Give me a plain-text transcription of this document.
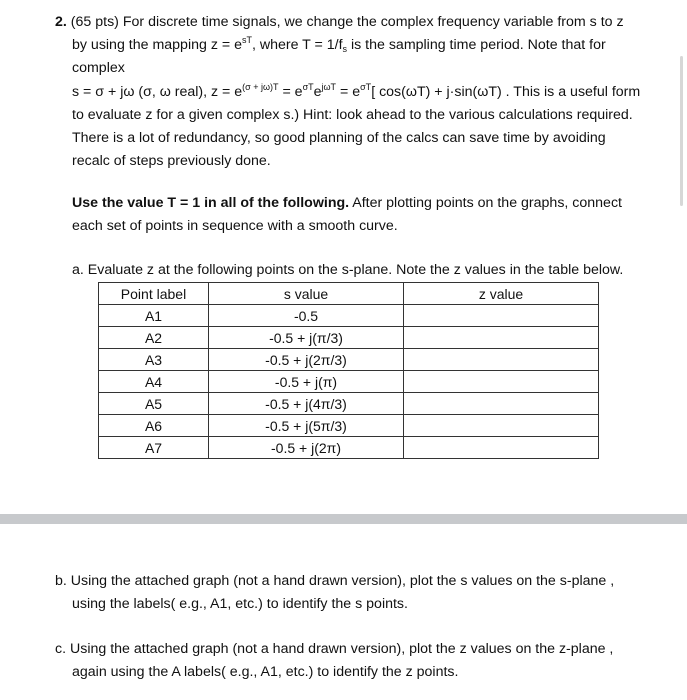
2. (65 pts) For discrete time signals, we change the complex frequency variable from s to z
by using the mapping $z = e^{sT}$, where $T = 1/f_s$ is the sampling time period. Note that for
complex
s = σ + jω (σ, ω real), $z = e^{(\sigma + j\omega)T} = e^{\sigma T}e^{j\omega T} = e^{\sigma T}$[ cos(ωT) + j·sin(ωT) . This is a useful form
to evaluate z for a given complex s.) Hint: look ahead to the various calculations required.
There is a lot of redundancy, so good planning of the calcs can save time by avoiding
recalc of steps previously done.
Use the value T = 1 in all of the following. After plotting points on the graphs, connect
each set of points in sequence with a smooth curve.
a. Evaluate z at the following points on the s-plane. Note the z values in the table below.
Point label	s value	z value
A1	-0.5	
A2	-0.5 + j(π/3)	
A3	-0.5 + j(2π/3)	
A4	-0.5 + j(π)	
A5	-0.5 + j(4π/3)	
A6	-0.5 + j(5π/3)	
A7	-0.5 + j(2π)	
b. Using the attached graph (not a hand drawn version), plot the s values on the s-plane ,
using the labels( e.g., A1, etc.) to identify the s points.
c. Using the attached graph (not a hand drawn version), plot the z values on the z-plane ,
again using the A labels( e.g., A1, etc.) to identify the z points.
